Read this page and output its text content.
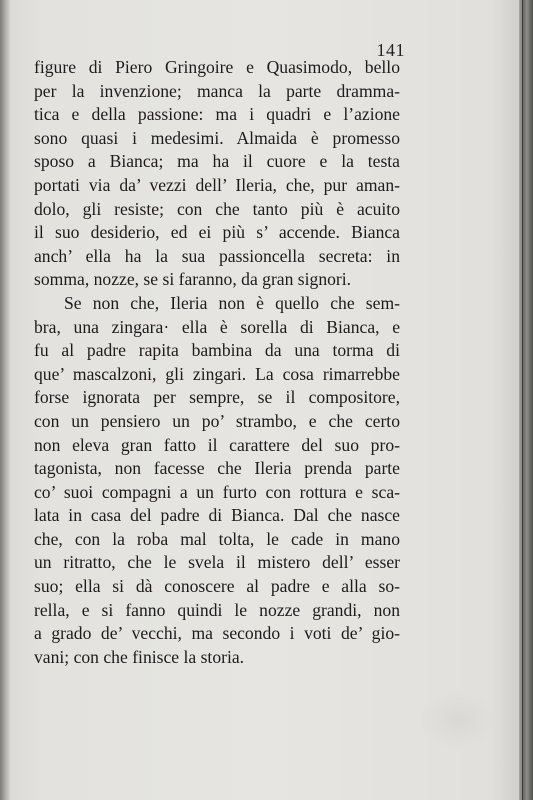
141
figure di Piero Gringoire e Quasimodo, bello
per la invenzione; manca la parte dramma-
tica e della passione: ma i quadri e l’azione
sono quasi i medesimi. Almaida è promesso
sposo a Bianca; ma ha il cuore e la testa
portati via da’ vezzi dell’ Ileria, che, pur aman-
dolo, gli resiste; con che tanto più è acuito
il suo desiderio, ed ei più s’ accende. Bianca
anch’ ella ha la sua passioncella secreta: in
somma, nozze, se si faranno, da gran signori.
Se non che, Ileria non è quello che sem-
bra, una zingara· ella è sorella di Bianca, e
fu al padre rapita bambina da una torma di
que’ mascalzoni, gli zingari. La cosa rimarrebbe
forse ignorata per sempre, se il compositore,
con un pensiero un po’ strambo, e che certo
non eleva gran fatto il carattere del suo pro-
tagonista, non facesse che Ileria prenda parte
co’ suoi compagni a un furto con rottura e sca-
lata in casa del padre di Bianca. Dal che nasce
che, con la roba mal tolta, le cade in mano
un ritratto, che le svela il mistero dell’ esser
suo; ella si dà conoscere al padre e alla so-
rella, e si fanno quindi le nozze grandi, non
a grado de’ vecchi, ma secondo i voti de’ gio-
vani; con che finisce la storia.
